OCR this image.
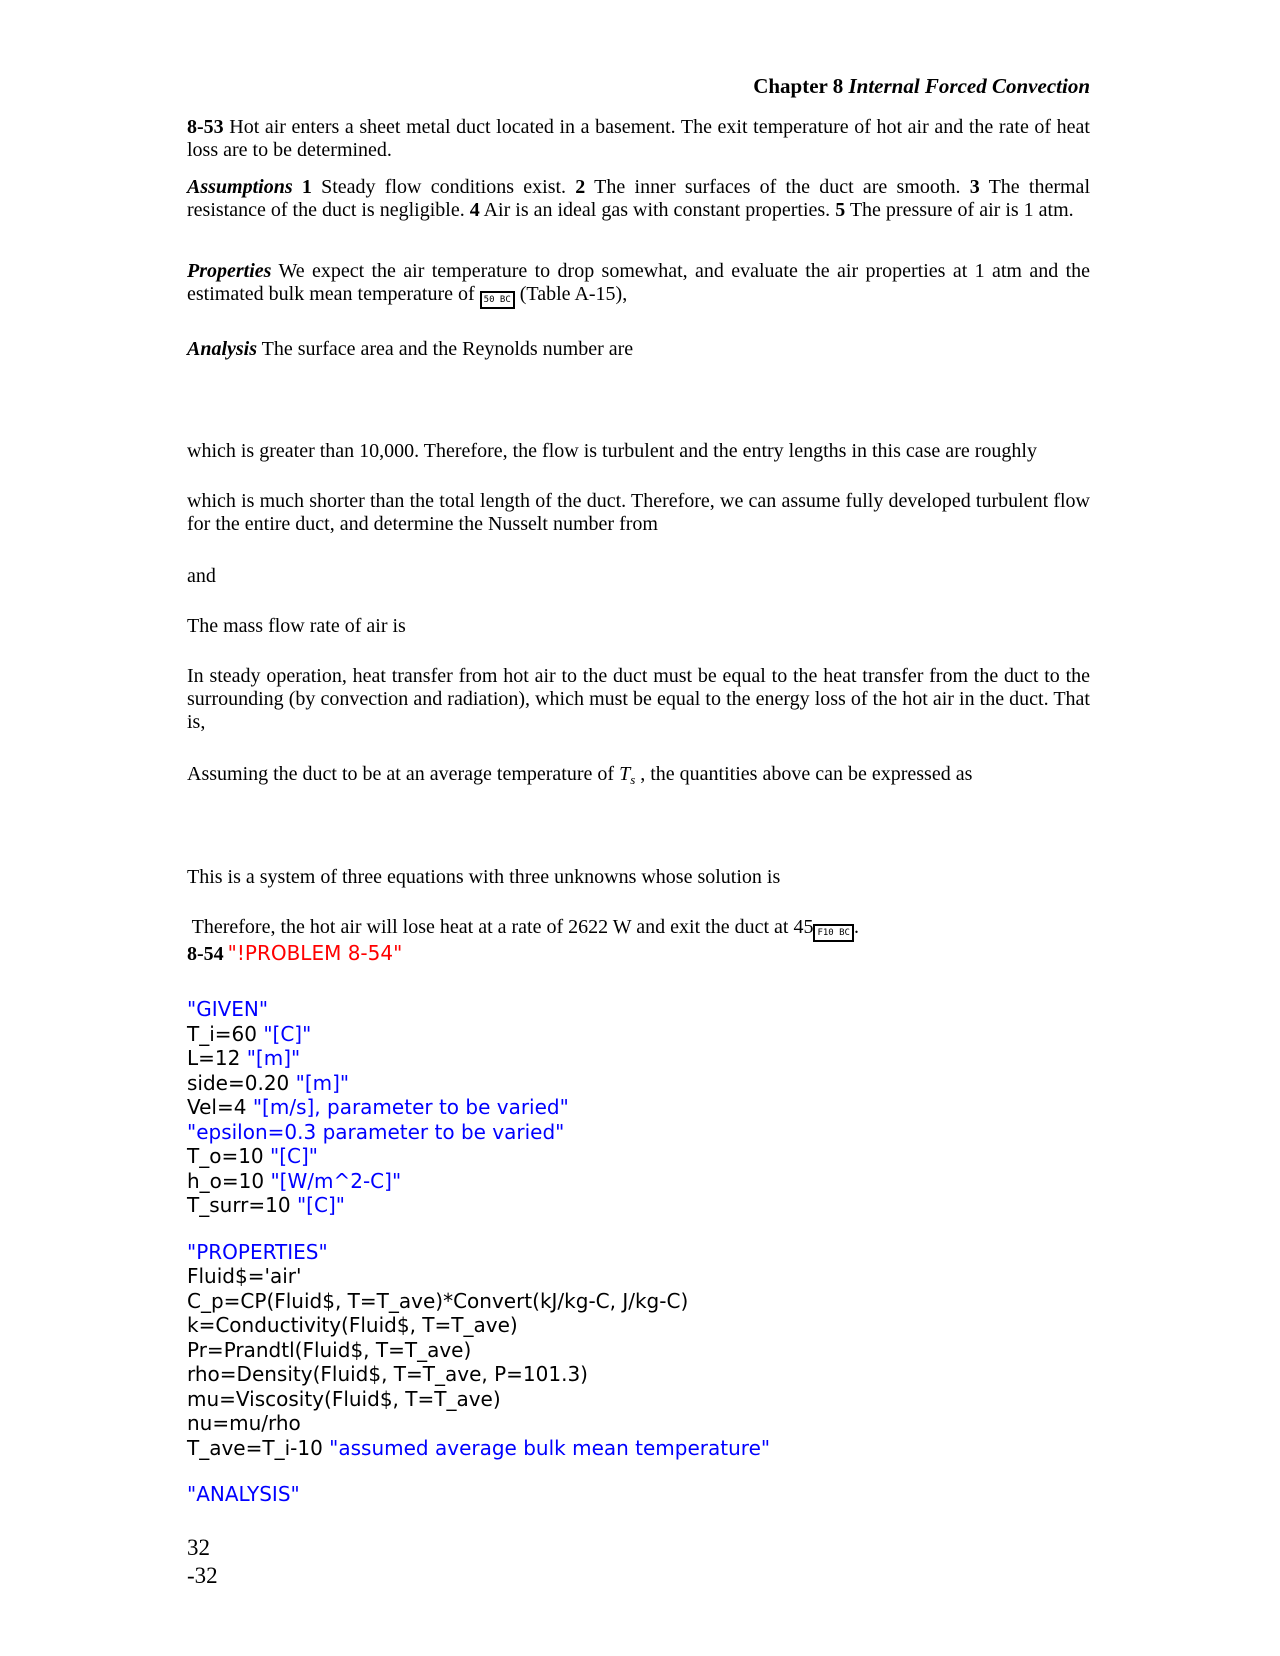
Chapter 8 Internal Forced Convection
8-53 Hot air enters a sheet metal duct located in a basement. The exit temperature of hot air and the rate of heat loss are to be determined.
Assumptions 1 Steady flow conditions exist. 2 The inner surfaces of the duct are smooth. 3 The thermal resistance of the duct is negligible. 4 Air is an ideal gas with constant properties. 5 The pressure of air is 1 atm.
Properties We expect the air temperature to drop somewhat, and evaluate the air properties at 1 atm and the estimated bulk mean temperature of 50 BC (Table A-15),
Analysis The surface area and the Reynolds number are
which is greater than 10,000. Therefore, the flow is turbulent and the entry lengths in this case are roughly
which is much shorter than the total length of the duct. Therefore, we can assume fully developed turbulent flow for the entire duct, and determine the Nusselt number from
and
The mass flow rate of air is
In steady operation, heat transfer from hot air to the duct must be equal to the heat transfer from the duct to the surrounding (by convection and radiation), which must be equal to the energy loss of the hot air in the duct. That is,
Assuming the duct to be at an average temperature of $T_s$ , the quantities above can be expressed as
This is a system of three equations with three unknowns whose solution is
Therefore, the hot air will lose heat at a rate of 2622 W and exit the duct at 45 F10 BC .
8-54 "!PROBLEM 8-54"
"GIVEN"
T_i=60 "[C]"
L=12 "[m]"
side=0.20 "[m]"
Vel=4 "[m/s], parameter to be varied"
"epsilon=0.3 parameter to be varied"
T_o=10 "[C]"
h_o=10 "[W/m^2-C]"
T_surr=10 "[C]"
"PROPERTIES"
Fluid$='air'
C_p=CP(Fluid$, T=T_ave)*Convert(kJ/kg-C, J/kg-C)
k=Conductivity(Fluid$, T=T_ave)
Pr=Prandtl(Fluid$, T=T_ave)
rho=Density(Fluid$, T=T_ave, P=101.3)
mu=Viscosity(Fluid$, T=T_ave)
nu=mu/rho
T_ave=T_i-10 "assumed average bulk mean temperature"
"ANALYSIS"
32
-32
